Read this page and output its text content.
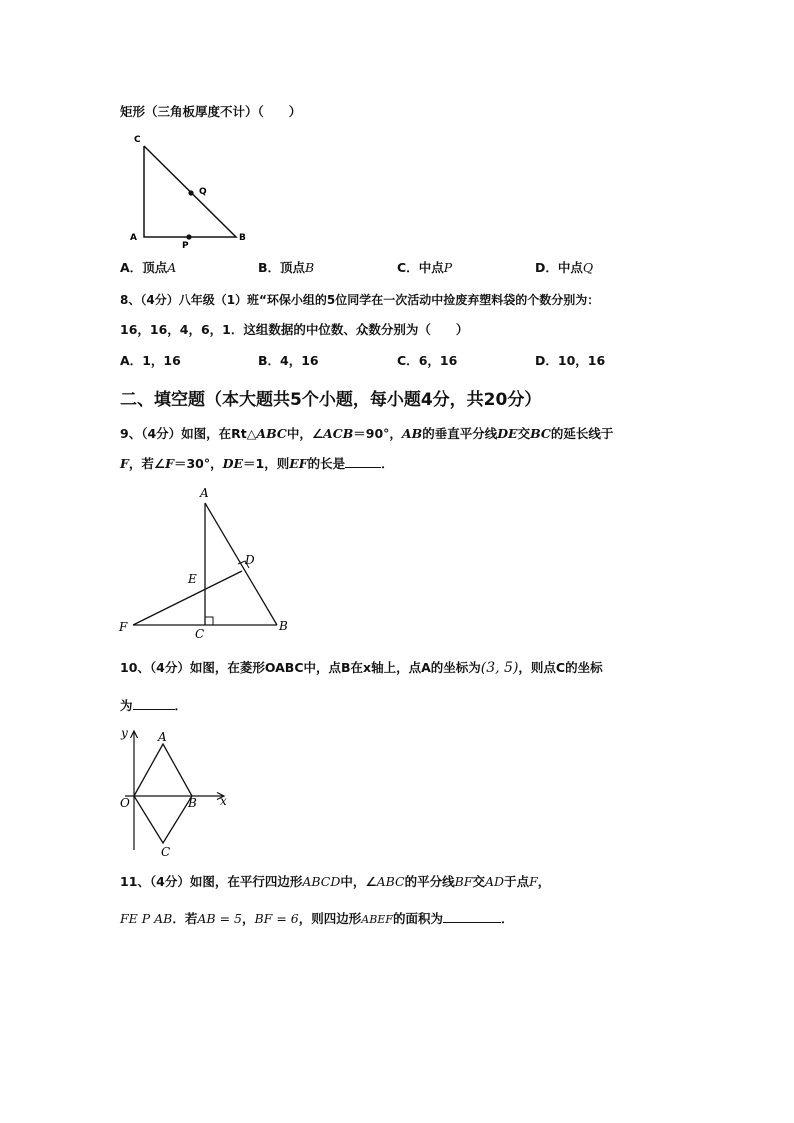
矩形（三角板厚度不计）（　　）
C
A	B
P
Q
A．顶点A	B．顶点B	C．中点P	D．中点Q
8、（4分）八年级（1）班“环保小组的5位同学在一次活动中捡废弃塑料袋的个数分别为：
16，16，4，6，1．这组数据的中位数、众数分别为（　　）
A．1，16	B．4，16	C．6，16	D．10，16
二、填空题（本大题共5个小题，每小题4分，共20分）
9、（4分）如图，在Rt△ABC中，∠ACB＝90°，AB的垂直平分线DE交BC的延长线于
F，若∠F＝30°，DE＝1，则EF的长是	．
A
D
E
F	C
B
10、（4分）如图，在菱形OABC中，点B在x轴上，点A的坐标为(3, 5)，则点C的坐标
为	．
y	A
O	B x
C
11、（4分）如图，在平行四边形ABCD中，∠ABC的平分线BF交AD于点F，
FE P AB．若AB = 5，BF = 6，则四边形ABEF的面积为	．
